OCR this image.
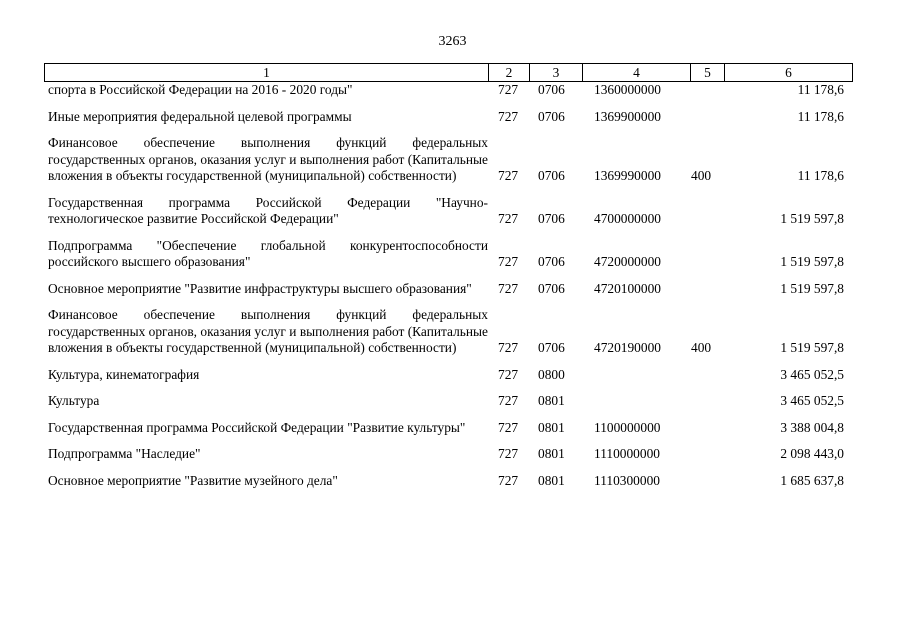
3263
1	2	3	4	5	6
спорта в Российской Федерации на 2016 - 2020 годы"	727 0706 1360000000	11 178,6
Иные мероприятия федеральной целевой программы	727 0706 1369900000	11 178,6
Финансовое обеспечение выполнения функций федеральных государственных органов, оказания услуг и выполнения работ (Капитальные вложения в объекты государственной (муниципальной) собственности)	727 0706 1369990000 400	11 178,6
Государственная программа Российской Федерации "Научно-технологическое развитие Российской Федерации"	727 0706 4700000000	1 519 597,8
Подпрограмма "Обеспечение глобальной конкурентоспособности российского высшего образования"	727 0706 4720000000	1 519 597,8
Основное мероприятие "Развитие инфраструктуры высшего образования"	727 0706 4720100000	1 519 597,8
Финансовое обеспечение выполнения функций федеральных государственных органов, оказания услуг и выполнения работ (Капитальные вложения в объекты государственной (муниципальной) собственности)	727 0706 4720190000 400	1 519 597,8
Культура, кинематография	727 0800	3 465 052,5
Культура	727 0801	3 465 052,5
Государственная программа Российской Федерации "Развитие культуры"	727 0801 1100000000	3 388 004,8
Подпрограмма "Наследие"	727 0801 1110000000	2 098 443,0
Основное мероприятие "Развитие музейного дела"	727 0801 1110300000	1 685 637,8
